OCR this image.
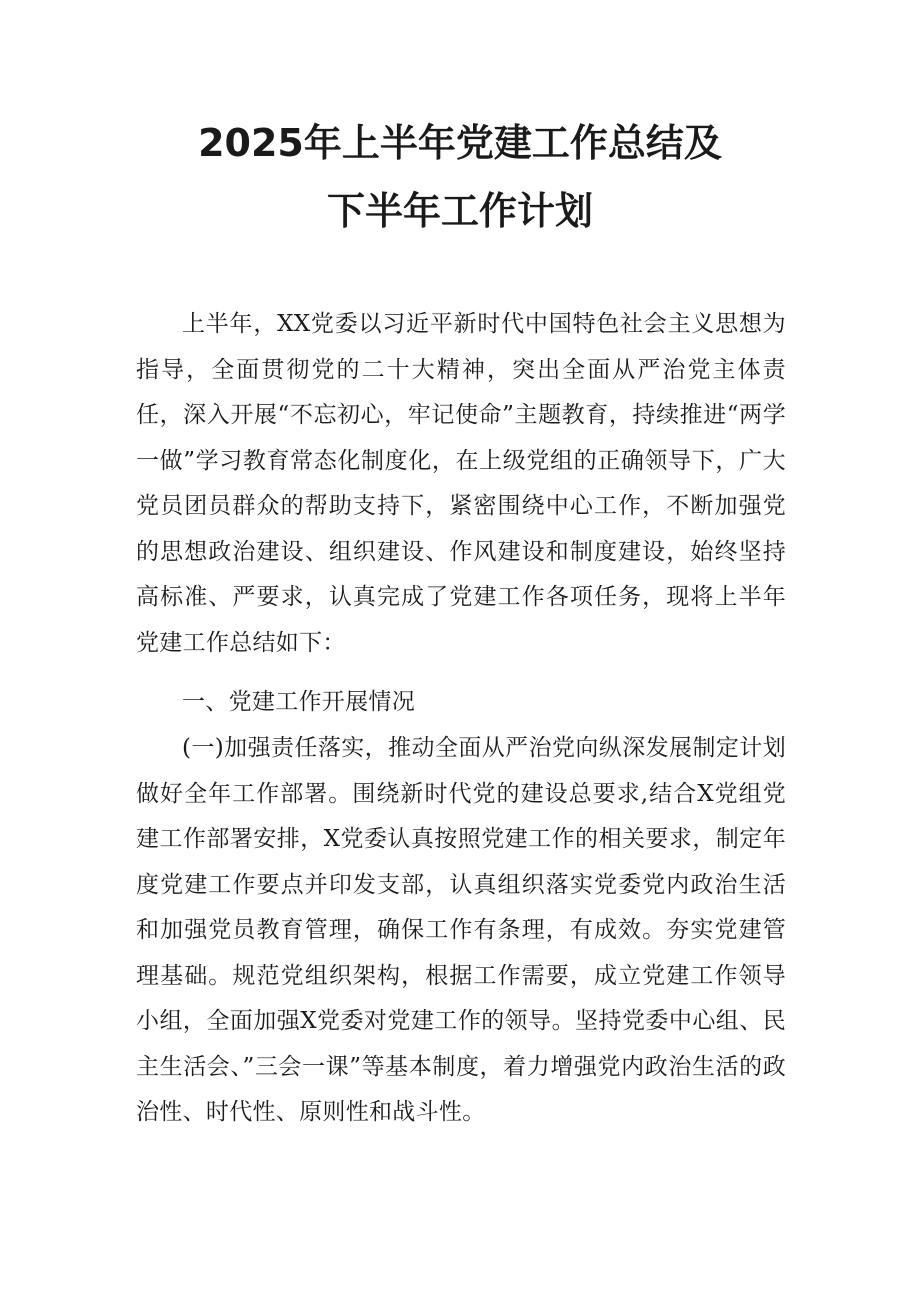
2025年上半年党建工作总结及
下半年工作计划

上半年，XX党委以习近平新时代中国特色社会主义思想为指导，全面贯彻党的二十大精神，突出全面从严治党主体责任，深入开展“不忘初心，牢记使命”主题教育，持续推进“两学一做”学习教育常态化制度化，在上级党组的正确领导下，广大党员团员群众的帮助支持下，紧密围绕中心工作，不断加强党的思想政治建设、组织建设、作风建设和制度建设，始终坚持高标准、严要求，认真完成了党建工作各项任务，现将上半年党建工作总结如下：

一、党建工作开展情况

(一)加强责任落实，推动全面从严治党向纵深发展制定计划做好全年工作部署。围绕新时代党的建设总要求,结合X党组党建工作部署安排，X党委认真按照党建工作的相关要求，制定年度党建工作要点并印发支部，认真组织落实党委党内政治生活和加强党员教育管理，确保工作有条理，有成效。夯实党建管理基础。规范党组织架构，根据工作需要，成立党建工作领导小组，全面加强X党委对党建工作的领导。坚持党委中心组、民主生活会、”三会一课”等基本制度，着力增强党内政治生活的政治性、时代性、原则性和战斗性。
